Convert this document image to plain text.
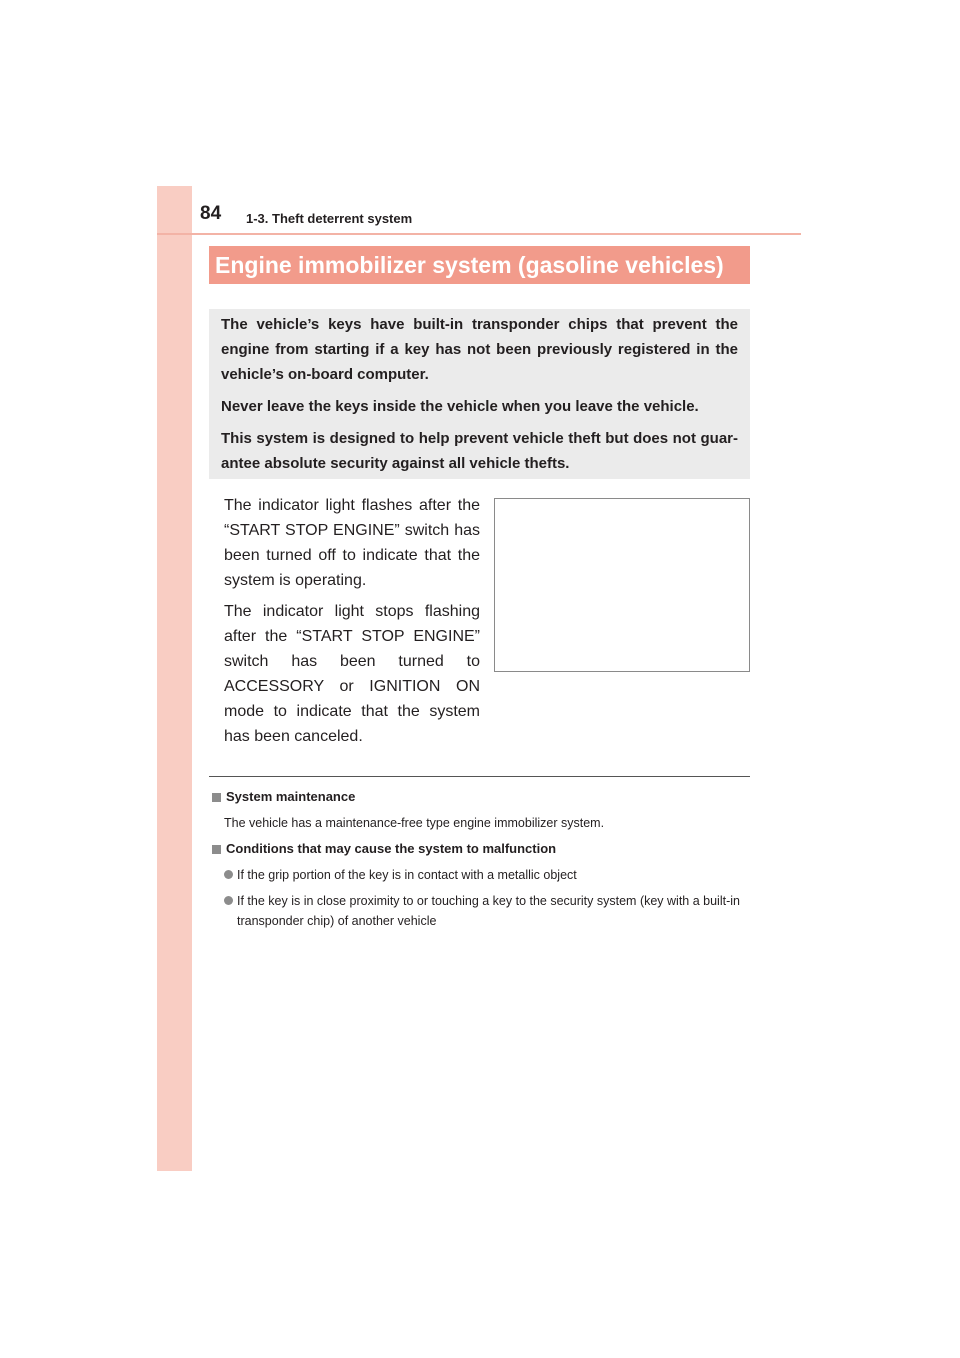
84 1-3. Theft deterrent system
Engine immobilizer system (gasoline vehicles)

The vehicle’s keys have built-in transponder chips that prevent the engine from starting if a key has not been previously registered in the vehicle’s on-board computer.

Never leave the keys inside the vehicle when you leave the vehicle.

This system is designed to help prevent vehicle theft but does not guar-antee absolute security against all vehicle thefts.

The indicator light flashes after the “START STOP ENGINE” switch has been turned off to indicate that the system is operating.

The indicator light stops flashing after the “START STOP ENGINE” switch has been turned to ACCESSORY or IGNITION ON mode to indicate that the system has been canceled.

System maintenance
The vehicle has a maintenance-free type engine immobilizer system.
Conditions that may cause the system to malfunction
If the grip portion of the key is in contact with a metallic object
If the key is in close proximity to or touching a key to the security system (key with a built-in transponder chip) of another vehicle
